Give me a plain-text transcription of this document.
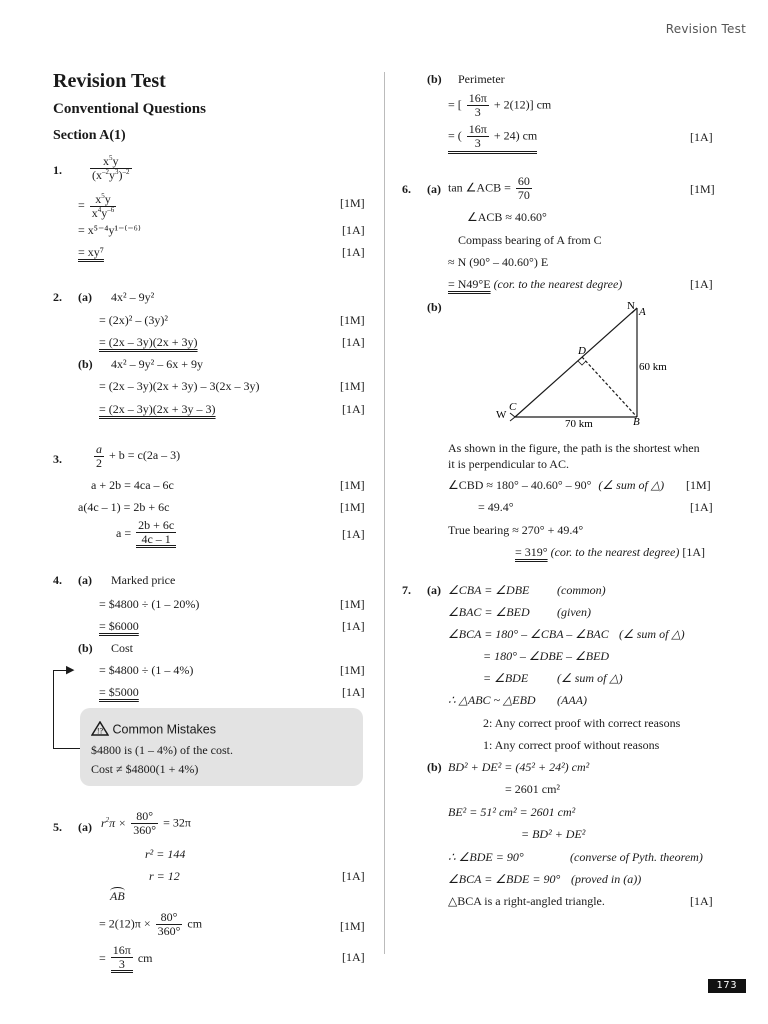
Revision Test
Revision Test
Conventional Questions
Section A(1)
1. $\frac{x^5y}{(x^{-2}y^3)^{-2}}$
= $\frac{x^5y}{x^4y^{-6}}$	[1M]
= x⁵⁻⁴y¹⁻⁽⁻⁶⁾	[1A]
= xy⁷	[1A]
2. (a) 4x² – 9y²
= (2x)² – (3y)²	[1M]
= (2x – 3y)(2x + 3y)	[1A]
(b) 4x² – 9y² – 6x + 9y
= (2x – 3y)(2x + 3y) – 3(2x – 3y)	[1M]
= (2x – 3y)(2x + 3y – 3)	[1A]
3.	$\frac{a}{2} + b = c(2a - 3)$
a + 2b = 4ca – 6c	[1M]
a(4c – 1) = 2b + 6c	[1M]
$a = \frac{2b + 6c}{4c - 1}$	[1A]
4. (a) Marked price
= $4800 ÷ (1 – 20%)	[1M]
= $6000	[1A]
(b) Cost
= $4800 ÷ (1 – 4%)	[1M]
= $5000	[1A]
▶
!? Common Mistakes
$4800 is (1 – 4%) of the cost.
Cost ≠ $4800(1 + 4%)
5. (a) $r^2\pi \times \frac{80^\circ}{360^\circ} = 32\pi$
r² = 144
r = 12	[1A]
AB
= $2(12)\pi \times \frac{80^\circ}{360^\circ}$ cm	[1M]
= $\frac{16\pi}{3}$ cm	[1A]
(b) Perimeter
= [ $\frac{16\pi}{3} + 2(12)$] cm
= ( $\frac{16\pi}{3} + 24$) cm	[1A]
6. (a) tan ∠ACB = $\frac{60}{70}$	[1M]
∠ACB ≈ 40.60°
Compass bearing of A from C
≈ N (90° – 40.60°) E
= N49°E (cor. to the nearest degree)	[1A]
(b)	N A
D
W
C
B
60 km
70 km
As shown in the figure, the path is the shortest when
it is perpendicular to AC.
∠CBD ≈ 180° – 40.60° – 90° (∠ sum of △) [1M]
= 49.4°	[1A]
True bearing ≈ 270° + 49.4°
= 319° (cor. to the nearest degree) [1A]
7. (a) ∠CBA = ∠DBE (common)
∠BAC = ∠BED (given)
∠BCA = 180° – ∠CBA – ∠BAC (∠ sum of △)
= 180° – ∠DBE – ∠BED
= ∠BDE (∠ sum of △)
∴ △ABC ~ △EBD (AAA)
2: Any correct proof with correct reasons
1: Any correct proof without reasons
(b) BD² + DE² = (45² + 24²) cm²
= 2601 cm²
BE² = 51² cm² = 2601 cm²
= BD² + DE²
∴ ∠BDE = 90°	(converse of Pyth. theorem)
∠BCA = ∠BDE = 90° (proved in (a))
△BCA is a right-angled triangle.	[1A]
173
